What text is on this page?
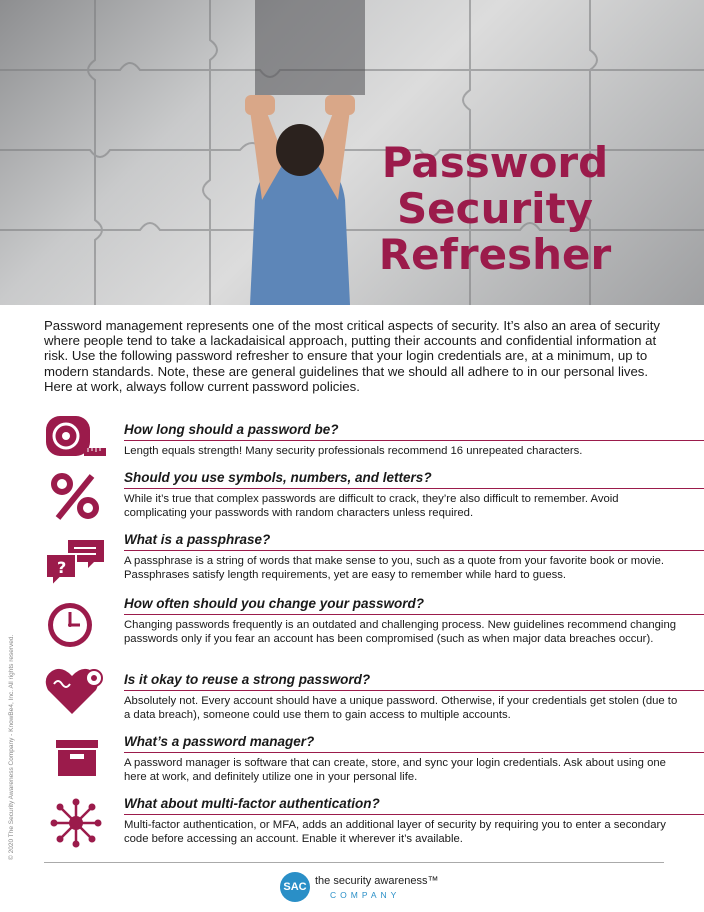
Password
Security
Refresher
Password management represents one of the most critical aspects of security. It’s also an area of security where people tend to take a lackadaisical approach, putting their accounts and confidential information at risk. Use the following password refresher to ensure that your login credentials are, at a minimum, up to modern standards. Note, these are general guidelines that we should all adhere to in our personal lives. Here at work, always follow current password policies.
© 2020 The Security Awareness Company - KnowBe4, Inc. All rights reserved.
How long should a password be?
Length equals strength! Many security professionals recommend 16 unrepeated characters.
Should you use symbols, numbers, and letters?
While it’s true that complex passwords are difficult to crack, they’re also difficult to remember. Avoid complicating your passwords with random characters unless required.
?
What is a passphrase?
A passphrase is a string of words that make sense to you, such as a quote from your favorite book or movie. Passphrases satisfy length requirements, yet are easy to remember while hard to guess.
How often should you change your password?
Changing passwords frequently is an outdated and challenging process. New guidelines recommend changing passwords only if you fear an account has been compromised (such as when major data breaches occur).
Is it okay to reuse a strong password?
Absolutely not. Every account should have a unique password. Otherwise, if your credentials get stolen (due to a data breach), someone could use them to gain access to multiple accounts.
What’s a password manager?
A password manager is software that can create, store, and sync your login credentials. Ask about using one here at work, and definitely utilize one in your personal life.
What about multi-factor authentication?
Multi-factor authentication, or MFA, adds an additional layer of security by requiring you to enter a secondary code before accessing an account. Enable it wherever it’s available.
SAC the security awareness™
COMPANY
